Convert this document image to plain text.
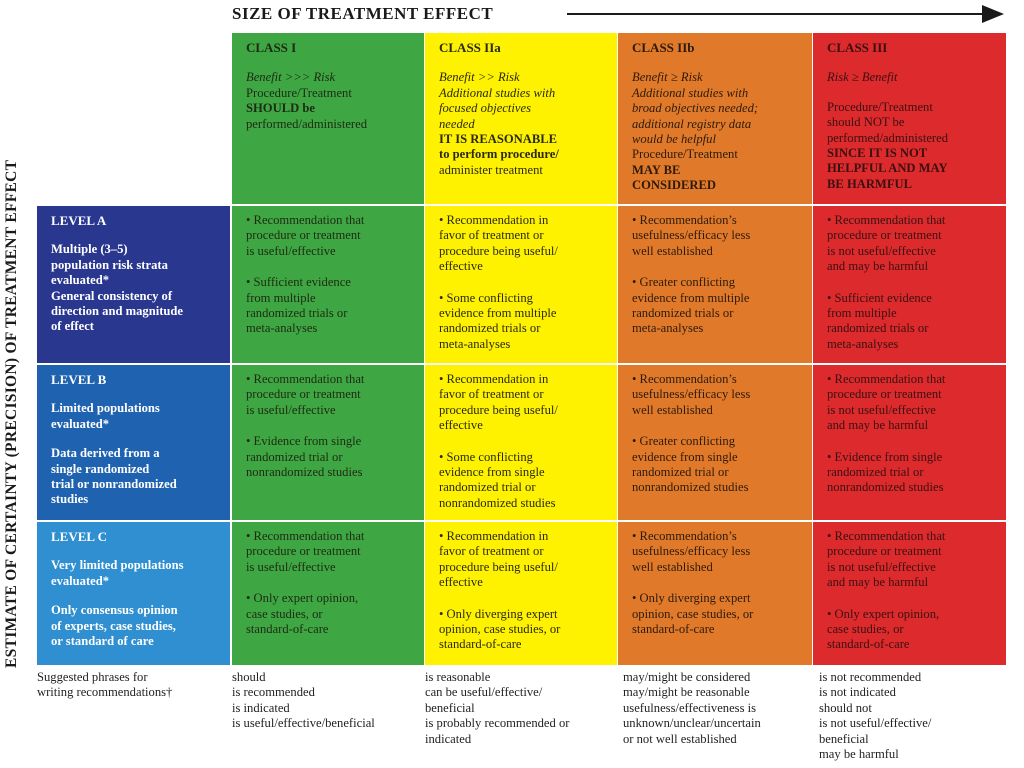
SIZE OF TREATMENT EFFECT
ESTIMATE OF CERTAINTY (PRECISION) OF TREATMENT EFFECT
CLASS I
Benefit >>> Risk
Procedure/Treatment
SHOULD be
performed/administered
CLASS IIa
Benefit >> Risk
Additional studies with
focused objectives
needed
IT IS REASONABLE
to perform procedure/
administer treatment
CLASS IIb
Benefit ≥ Risk
Additional studies with
broad objectives needed;
additional registry data
would be helpful
Procedure/Treatment
MAY BE
CONSIDERED
CLASS III
Risk ≥ Benefit
Procedure/Treatment
should NOT be
performed/administered
SINCE IT IS NOT
HELPFUL AND MAY
BE HARMFUL
LEVEL A
Multiple (3–5)
population risk strata
evaluated*
General consistency of
direction and magnitude
of effect
LEVEL B
Limited populations
evaluated*
Data derived from a
single randomized
trial or nonrandomized
studies
LEVEL C
Very limited populations
evaluated*
Only consensus opinion
of experts, case studies,
or standard of care
• Recommendation that
procedure or treatment
is useful/effective
• Sufficient evidence
from multiple
randomized trials or
meta-analyses
• Recommendation in
favor of treatment or
procedure being useful/
effective
• Some conflicting
evidence from multiple
randomized trials or
meta-analyses
• Recommendation’s
usefulness/efficacy less
well established
• Greater conflicting
evidence from multiple
randomized trials or
meta-analyses
• Recommendation that
procedure or treatment
is not useful/effective
and may be harmful
• Sufficient evidence
from multiple
randomized trials or
meta-analyses
• Recommendation that
procedure or treatment
is useful/effective
• Evidence from single
randomized trial or
nonrandomized studies
• Recommendation in
favor of treatment or
procedure being useful/
effective
• Some conflicting
evidence from single
randomized trial or
nonrandomized studies
• Recommendation’s
usefulness/efficacy less
well established
• Greater conflicting
evidence from single
randomized trial or
nonrandomized studies
• Recommendation that
procedure or treatment
is not useful/effective
and may be harmful
• Evidence from single
randomized trial or
nonrandomized studies
• Recommendation that
procedure or treatment
is useful/effective
• Only expert opinion,
case studies, or
standard-of-care
• Recommendation in
favor of treatment or
procedure being useful/
effective
• Only diverging expert
opinion, case studies, or
standard-of-care
• Recommendation’s
usefulness/efficacy less
well established
• Only diverging expert
opinion, case studies, or
standard-of-care
• Recommendation that
procedure or treatment
is not useful/effective
and may be harmful
• Only expert opinion,
case studies, or
standard-of-care
Suggested phrases for
writing recommendations†
should
is recommended
is indicated
is useful/effective/beneficial
is reasonable
can be useful/effective/
beneficial
is probably recommended or
indicated
may/might be considered
may/might be reasonable
usefulness/effectiveness is
unknown/unclear/uncertain
or not well established
is not recommended
is not indicated
should not
is not useful/effective/
beneficial
may be harmful
